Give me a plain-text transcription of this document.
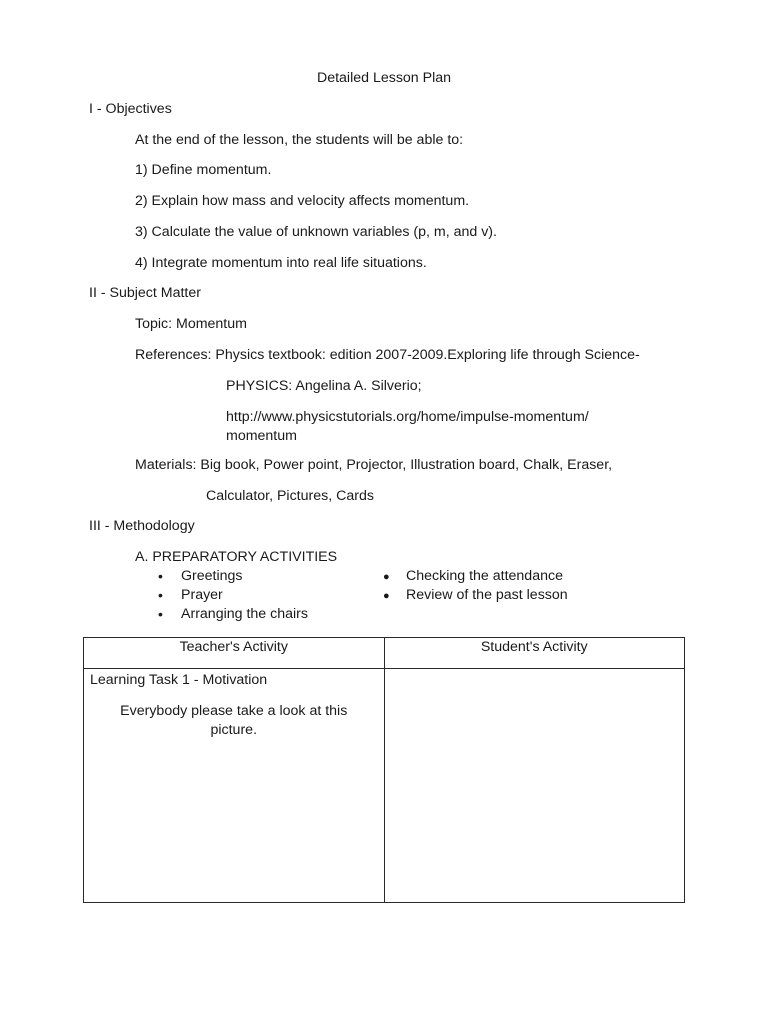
Detailed Lesson Plan
I - Objectives
At the end of the lesson, the students will be able to:
1) Define momentum.
2) Explain how mass and velocity affects momentum.
3) Calculate the value of unknown variables (p, m, and v).
4) Integrate momentum into real life situations.
II - Subject Matter
Topic: Momentum
References: Physics textbook: edition 2007-2009.Exploring life through Science-
PHYSICS: Angelina A. Silverio;
http://www.physicstutorials.org/home/impulse-momentum/
momentum
Materials: Big book, Power point, Projector, Illustration board, Chalk, Eraser,
Calculator, Pictures, Cards
III - Methodology
A. PREPARATORY ACTIVITIES
• Greetings
• Prayer
• Arranging the chairs
● Checking the attendance
● Review of the past lesson
Teacher's Activity	Student's Activity

Learning Task 1 - Motivation
Everybody please take a look at this picture.	
